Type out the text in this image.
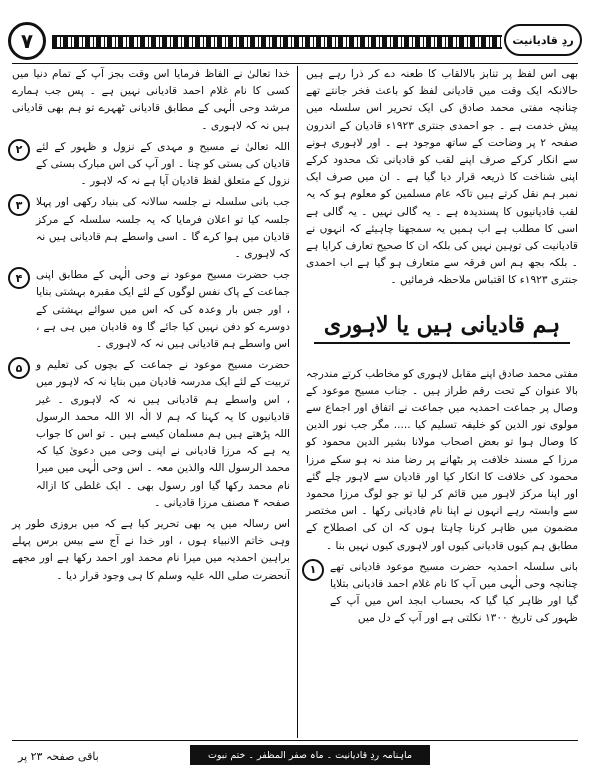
۷	ردِ قادیانیت

خدا تعالیٰ نے الفاظ فرمایا اس وقت بجز آپ کے تمام دنیا میں کسی کا نام غلام احمد قادیانی نہیں ہے ۔ پس جب ہمارے مرشد وحی الٰہی کے مطابق قادیانی ٹھہرے تو ہم بھی قادیانی ہیں نہ کہ لاہوری ۔

۲	اللہ تعالیٰ نے مسیح و مہدی کے نزول و ظہور کے لئے قادیان کی بستی کو چنا ۔ اور آپ کی اس مبارک بستی کے نزول کے متعلق لفظ قادیان آیا ہے نہ کہ لاہور ۔

۳	جب بانی سلسلہ نے جلسہ سالانہ کی بنیاد رکھی اور پہلا جلسہ کیا تو اعلان فرمایا کہ یہ جلسہ سلسلہ کے مرکز قادیان میں ہوا کرے گا ۔ اسی واسطے ہم قادیانی ہیں نہ کہ لاہوری ۔

۴	جب حضرت مسیح موعود نے وحی الٰہی کے مطابق اپنی جماعت کے پاک نفس لوگوں کے لئے ایک مقبرہ بہشتی بنایا ، اور جس بار وعدہ کی کہ اس میں سوائے بہشتی کے دوسرے کو دفن نہیں کیا جائے گا وہ قادیان میں ہی ہے ، اس واسطے ہم قادیانی ہیں نہ کہ لاہوری ۔

۵	حضرت مسیح موعود نے جماعت کے بچوں کی تعلیم و تربیت کے لئے ایک مدرسہ قادیان میں بنایا نہ کہ لاہور میں ، اس واسطے ہم قادیانی ہیں نہ کہ لاہوری ۔ غیر قادیانیوں کا یہ کہنا کہ ہم لا الٰہ الا اللہ محمد الرسول اللہ پڑھتے ہیں ہم مسلمان کیسے ہیں ۔ تو اس کا جواب یہ ہے کہ مرزا قادیانی نے اپنی وحی میں دعویٰ کیا کہ محمد الرسول اللہ والذین معہ ۔ اس وحی الٰہی میں میرا نام محمد رکھا گیا اور رسول بھی ۔ ایک غلطی کا ازالہ صفحہ ۴ مصنف مرزا قادیانی ۔

اس رسالہ میں یہ بھی تحریر کیا ہے کہ میں بروزی طور پر وہی خاتم الانبیاء ہوں ، اور خدا نے آج سے بیس برس پہلے براہین احمدیہ میں میرا نام محمد اور احمد رکھا ہے اور مجھے آنحضرت صلی اللہ علیہ وسلم کا ہی وجود قرار دیا ۔

بھی اس لفظ پر تنابز بالالقاب کا طعنہ دے کر ذرا رہے ہیں حالانکہ ایک وقت میں قادیانی لفظ کو باعث فخر جانتے تھے چنانچہ مفتی محمد صادق کی ایک تحریر اس سلسلہ میں پیش خدمت ہے ۔ جو احمدی جنتری ۱۹۲۳ء قادیان کے اندرون صفحہ ۲ پر وضاحت کے ساتھ موجود ہے ۔ اور لاہوری ہونے سے انکار کرکے صرف اپنے لقب کو قادیانی تک محدود کرکے اپنی شناخت کا ذریعہ قرار دیا گیا ہے ۔ ان میں صرف ایک نمبر ہم نقل کرتے ہیں تاکہ عام مسلمین کو معلوم ہو کہ یہ لقب قادیانیوں کا پسندیدہ ہے ۔ یہ گالی نہیں ۔ یہ گالی ہے اسی کا مطلب ہے اب ہمیں یہ سمجھنا چاہیئے کہ انہوں نے قادیانیت کی توہین نہیں کی بلکہ ان کا صحیح تعارف کرایا ہے ۔ بلکہ بجھ ہم اس فرقہ سے متعارف ہو گیا ہے اب احمدی جنتری ۱۹۲۳ء کا اقتباس ملاحظہ فرمائیں ۔

ہم قادیانی ہیں یا لاہوری

مفتی محمد صادق اپنے مقابل لاہوری کو مخاطب کرتے مندرجہ بالا عنوان کے تحت رقم طراز ہیں ۔ جناب مسیح موعود کے وصال پر جماعت احمدیہ میں جماعت نے اتفاق اور اجماع سے مولوی نور الدین کو خلیفہ تسلیم کیا ..... مگر جب نور الدین کا وصال ہوا تو بعض اصحاب مولانا بشیر الدین محمود کو مرزا کے مسند خلافت پر بٹھانے پر رضا مند نہ ہو سکے مرزا محمود کی خلافت کا انکار کیا اور قادیان سے لاہور چلے گئے اور اپنا مرکز لاہور میں قائم کر لیا تو جو لوگ مرزا محمود سے وابستہ رہے انہوں نے اپنا نام قادیانی رکھا ۔ اس مختصر مضمون میں ظاہر کرنا چاہتا ہوں کہ ان کی اصطلاح کے مطابق ہم کیوں قادیانی کیوں اور لاہوری کیوں نہیں بنا ۔

۱	بانی سلسلہ احمدیہ حضرت مسیح موعود قادیانی تھے چنانچہ وحی الٰہی میں آپ کا نام غلام احمد قادیانی بتلایا گیا اور ظاہر کیا گیا کہ بحساب ابجد اس میں آپ کے ظہور کی تاریخ ۱۳۰۰ نکلتی ہے اور آپ کے دل میں

باقی صفحہ ۲۳ پر	ماہنامہ ردِ قادیانیت ۔ ماہ صفر المظفر ۔ ختم نبوت
